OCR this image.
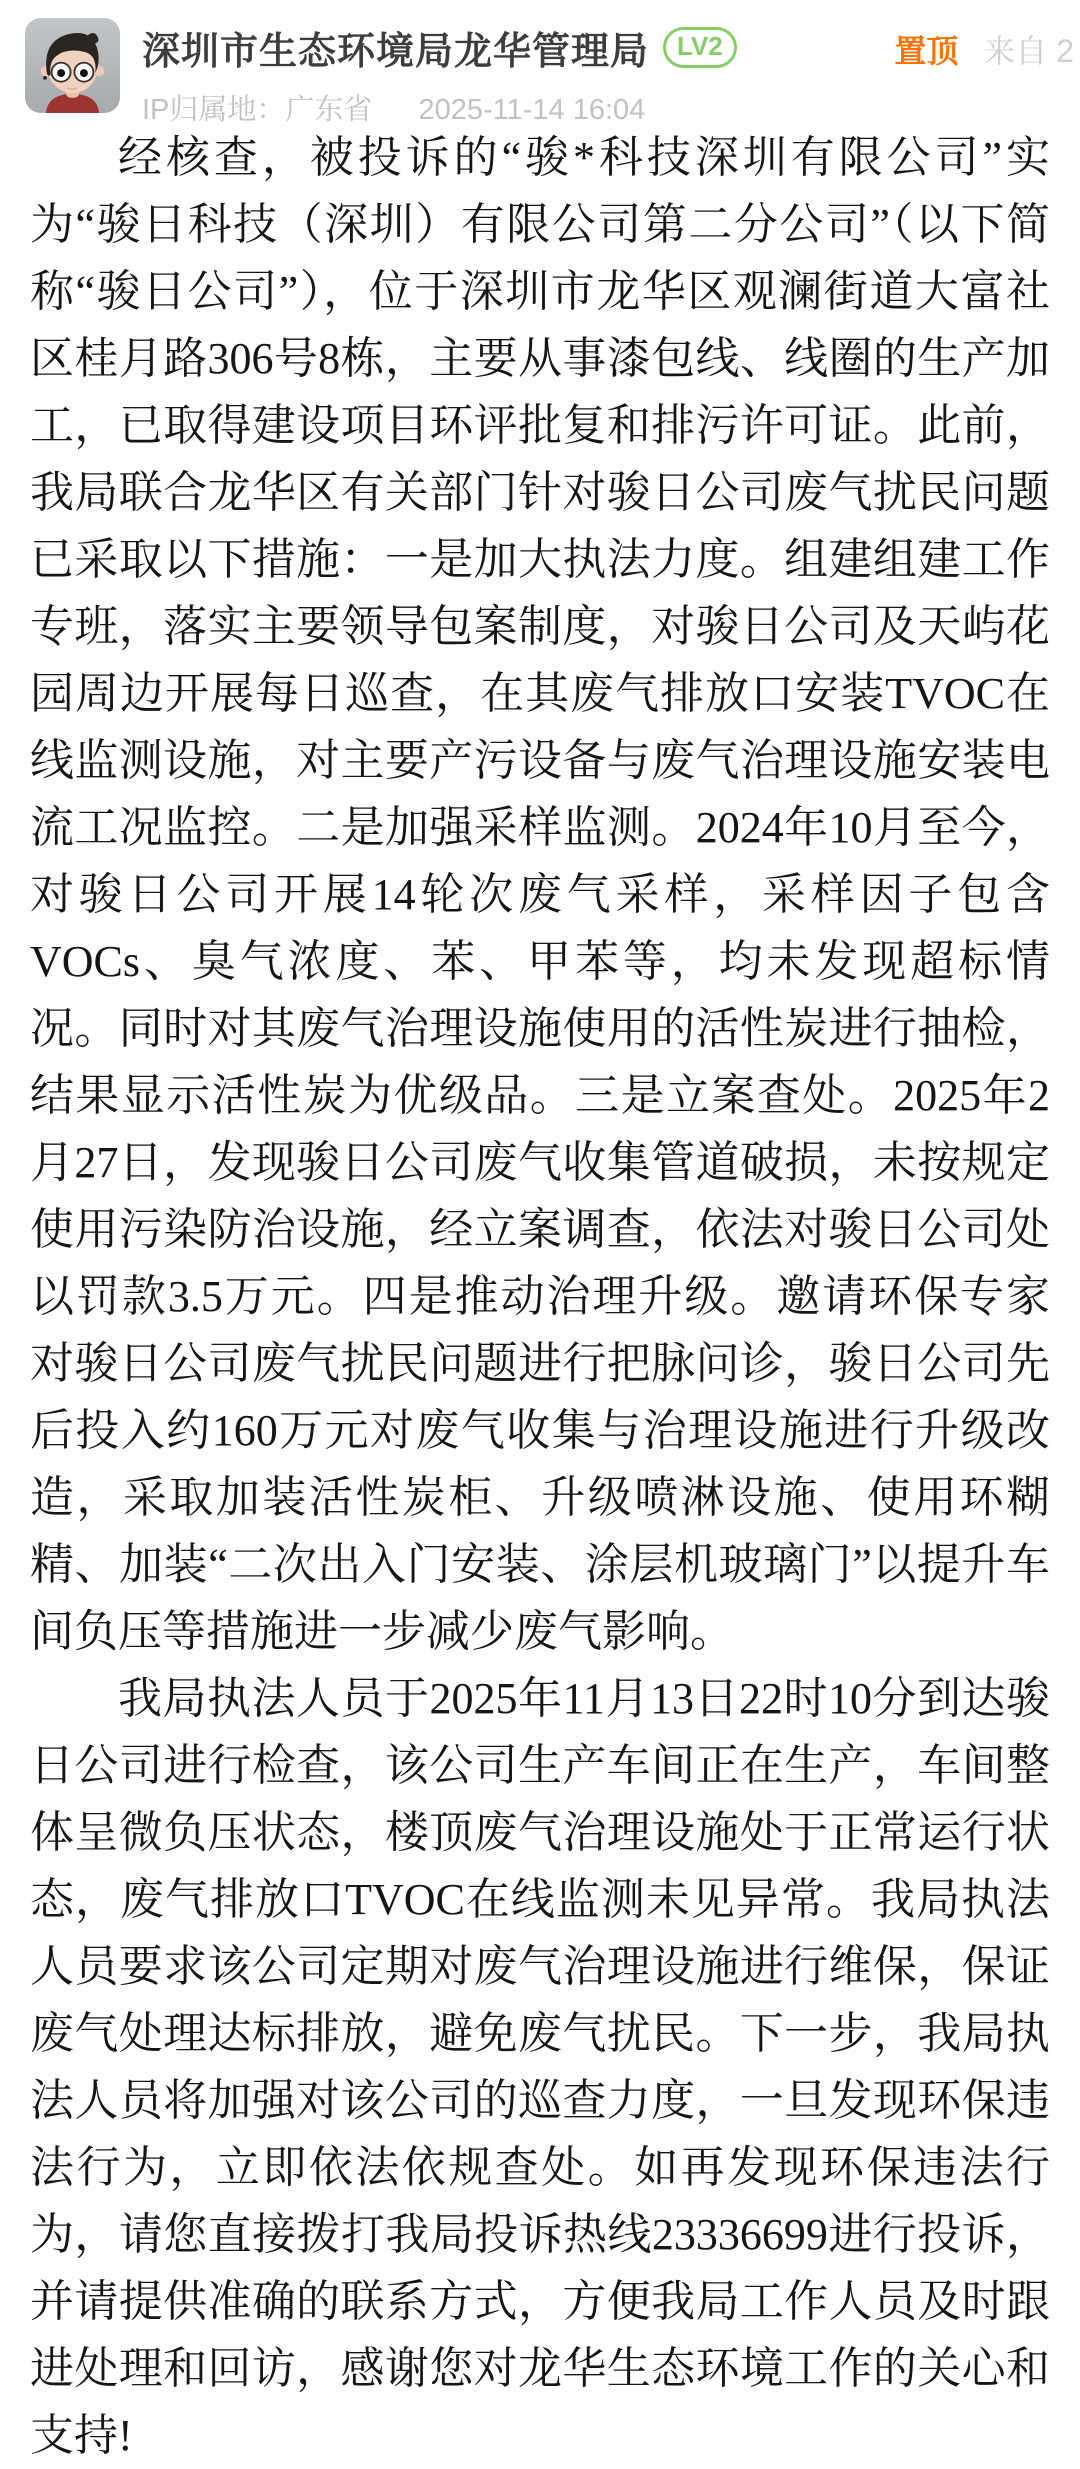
深圳市生态环境局龙华管理局	LV2
IP归属地：广东省 2025-11-14 16:04
置顶 来自 2

经核查，被投诉的“骏*科技深圳有限公司”实为“骏日科技（深圳）有限公司第二分公司”（以下简称“骏日公司”），位于深圳市龙华区观澜街道大富社区桂月路306号8栋，主要从事漆包线、线圈的生产加工，已取得建设项目环评批复和排污许可证。此前，我局联合龙华区有关部门针对骏日公司废气扰民问题已采取以下措施：一是加大执法力度。组建组建工作专班，落实主要领导包案制度，对骏日公司及天屿花园周边开展每日巡查，在其废气排放口安装TVOC在线监测设施，对主要产污设备与废气治理设施安装电流工况监控。二是加强采样监测。2024年10月至今，对骏日公司开展14轮次废气采样，采样因子包含VOCs、臭气浓度、苯、甲苯等，均未发现超标情况。同时对其废气治理设施使用的活性炭进行抽检，结果显示活性炭为优级品。三是立案查处。2025年2月27日，发现骏日公司废气收集管道破损，未按规定使用污染防治设施，经立案调查，依法对骏日公司处以罚款3.5万元。四是推动治理升级。邀请环保专家对骏日公司废气扰民问题进行把脉问诊，骏日公司先后投入约160万元对废气收集与治理设施进行升级改造，采取加装活性炭柜、升级喷淋设施、使用环糊精、加装“二次出入门安装、涂层机玻璃门”以提升车间负压等措施进一步减少废气影响。

我局执法人员于2025年11月13日22时10分到达骏日公司进行检查，该公司生产车间正在生产，车间整体呈微负压状态，楼顶废气治理设施处于正常运行状态，废气排放口TVOC在线监测未见异常。我局执法人员要求该公司定期对废气治理设施进行维保，保证废气处理达标排放，避免废气扰民。下一步，我局执法人员将加强对该公司的巡查力度，一旦发现环保违法行为，立即依法依规查处。如再发现环保违法行为，请您直接拨打我局投诉热线23336699进行投诉，并请提供准确的联系方式，方便我局工作人员及时跟进处理和回访，感谢您对龙华生态环境工作的关心和支持!
